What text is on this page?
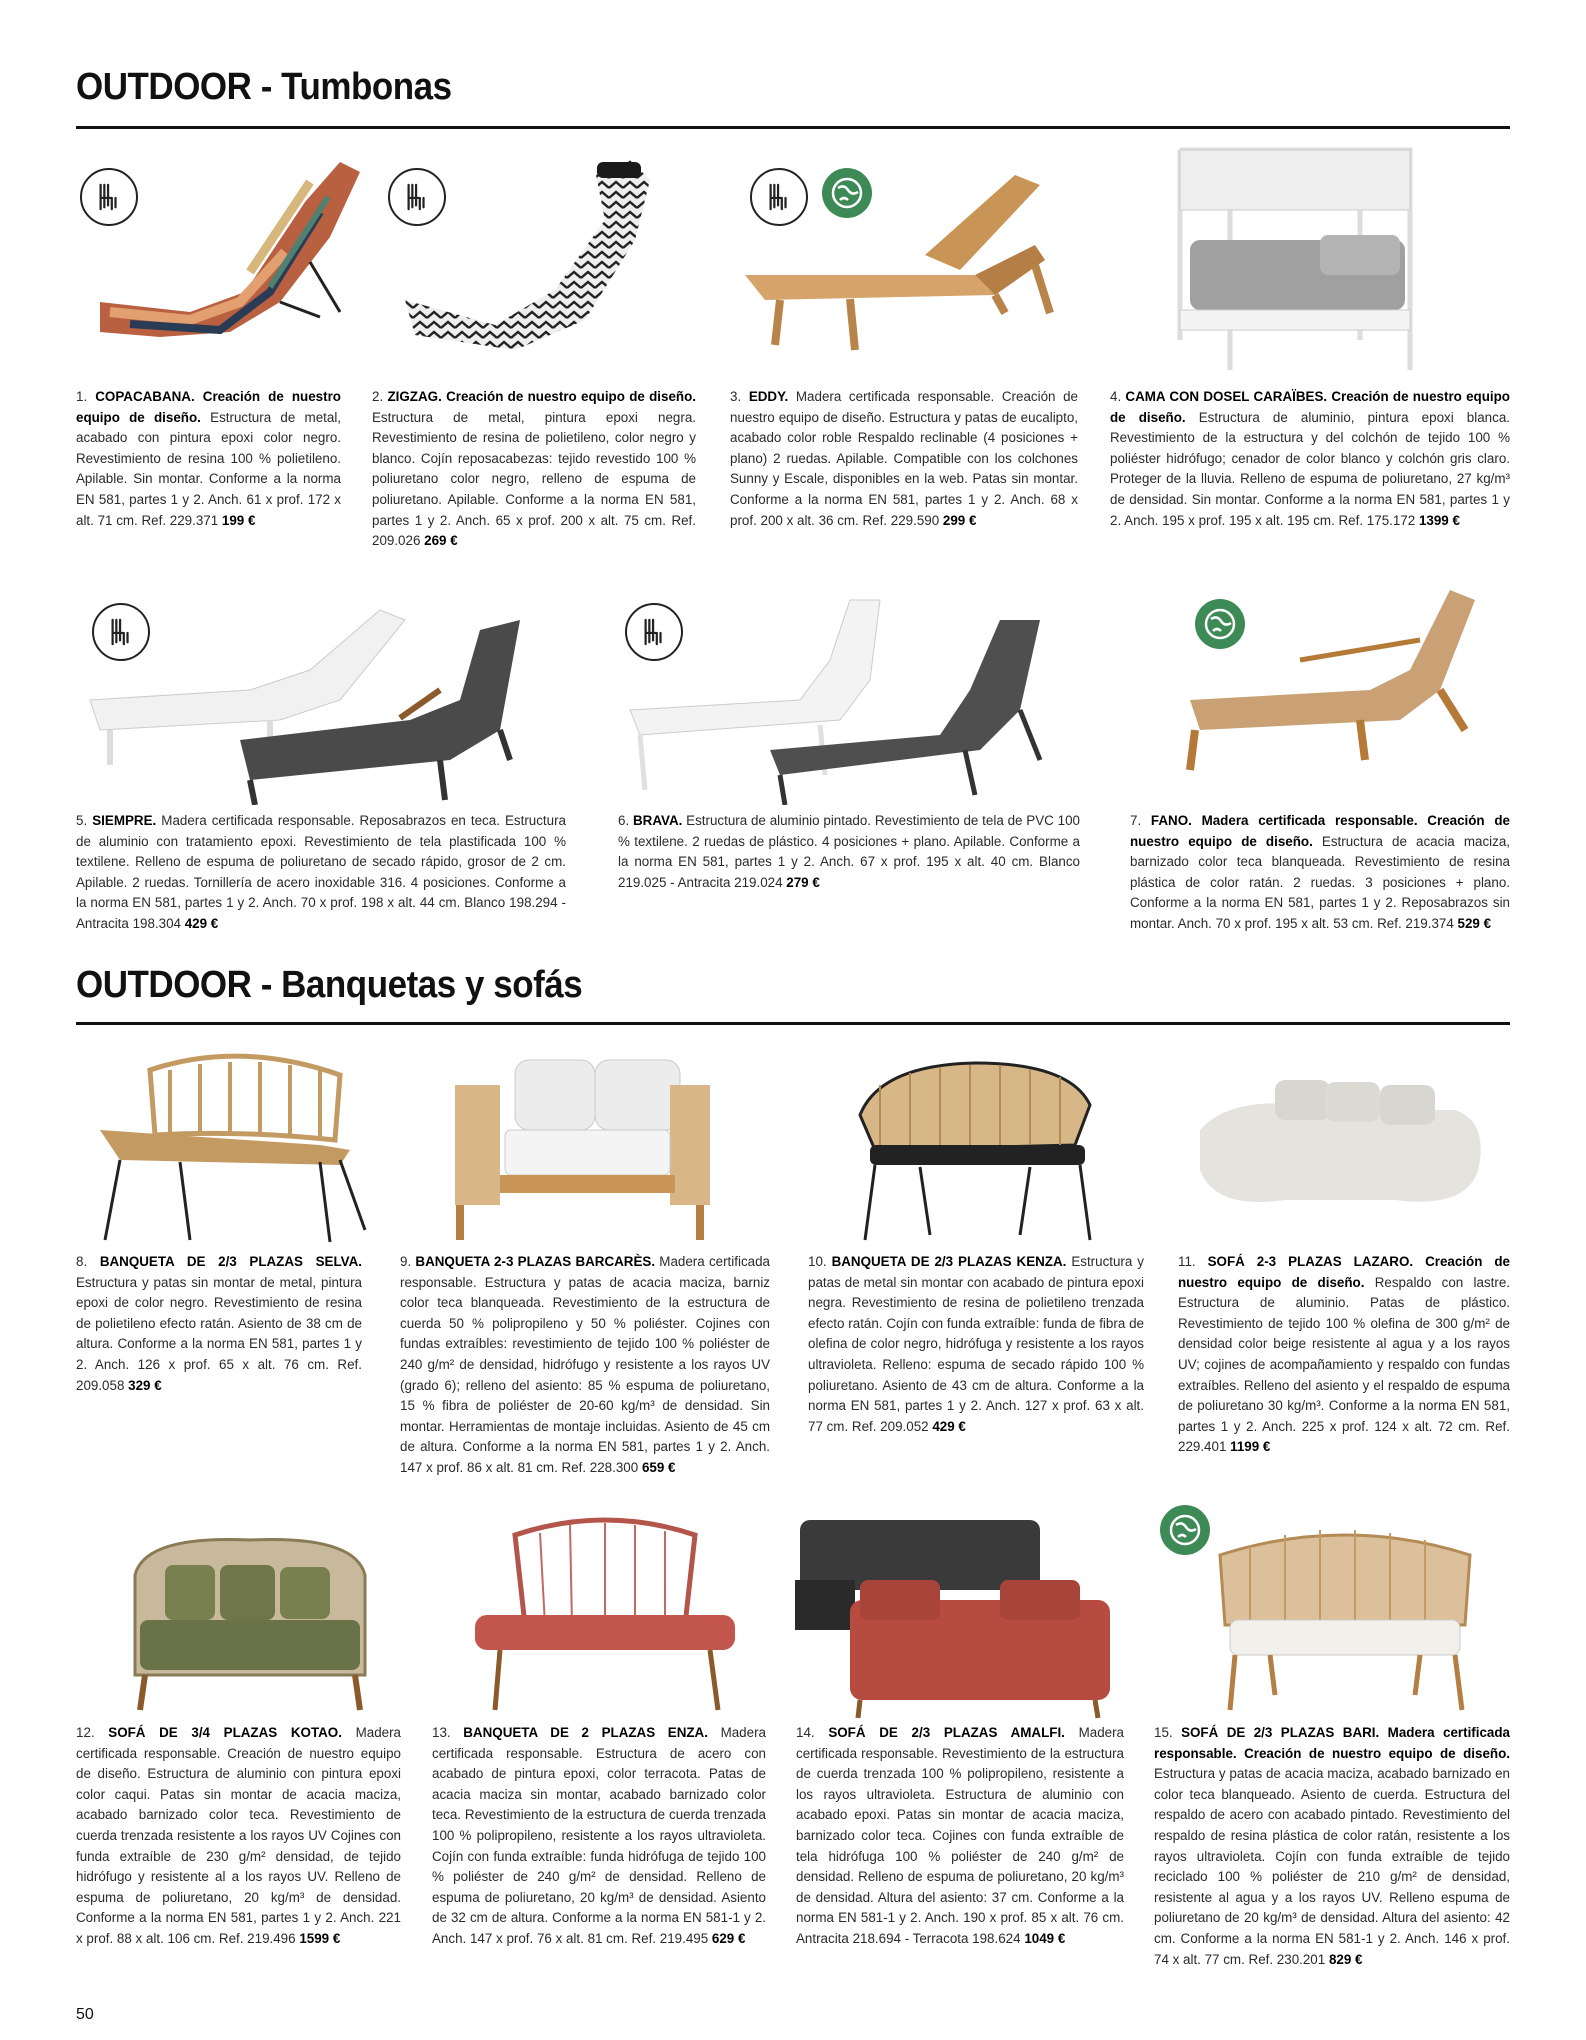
OUTDOOR - Tumbonas
1. COPACABANA. Creación de nuestro equipo de diseño. Estructura de metal, acabado con pintura epoxi color negro. Revestimiento de resina 100 % polietileno. Apilable. Sin montar. Conforme a la norma EN 581, partes 1 y 2. Anch. 61 x prof. 172 x alt. 71 cm. Ref. 229.371 199 €
2. ZIGZAG. Creación de nuestro equipo de diseño. Estructura de metal, pintura epoxi negra. Revestimiento de resina de polietileno, color negro y blanco. Cojín reposacabezas: tejido revestido 100 % poliuretano color negro, relleno de espuma de poliuretano. Apilable. Conforme a la norma EN 581, partes 1 y 2. Anch. 65 x prof. 200 x alt. 75 cm. Ref. 209.026 269 €
3. EDDY. Madera certificada responsable. Creación de nuestro equipo de diseño. Estructura y patas de eucalipto, acabado color roble Respaldo reclinable (4 posiciones + plano) 2 ruedas. Apilable. Compatible con los colchones Sunny y Escale, disponibles en la web. Patas sin montar. Conforme a la norma EN 581, partes 1 y 2. Anch. 68 x prof. 200 x alt. 36 cm. Ref. 229.590 299 €
4. CAMA CON DOSEL CARAÏBES. Creación de nuestro equipo de diseño. Estructura de aluminio, pintura epoxi blanca. Revestimiento de la estructura y del colchón de tejido 100 % poliéster hidrófugo; cenador de color blanco y colchón gris claro. Proteger de la lluvia. Relleno de espuma de poliuretano, 27 kg/m³ de densidad. Sin montar. Conforme a la norma EN 581, partes 1 y 2. Anch. 195 x prof. 195 x alt. 195 cm. Ref. 175.172 1399 €
5. SIEMPRE. Madera certificada responsable. Reposabrazos en teca. Estructura de aluminio con tratamiento epoxi. Revestimiento de tela plastificada 100 % textilene. Relleno de espuma de poliuretano de secado rápido, grosor de 2 cm. Apilable. 2 ruedas. Tornillería de acero inoxidable 316. 4 posiciones. Conforme a la norma EN 581, partes 1 y 2. Anch. 70 x prof. 198 x alt. 44 cm. Blanco 198.294 - Antracita 198.304 429 €
6. BRAVA. Estructura de aluminio pintado. Revestimiento de tela de PVC 100 % textilene. 2 ruedas de plástico. 4 posiciones + plano. Apilable. Conforme a la norma EN 581, partes 1 y 2. Anch. 67 x prof. 195 x alt. 40 cm. Blanco 219.025 - Antracita 219.024 279 €
7. FANO. Madera certificada responsable. Creación de nuestro equipo de diseño. Estructura de acacia maciza, barnizado color teca blanqueada. Revestimiento de resina plástica de color ratán. 2 ruedas. 3 posiciones + plano. Conforme a la norma EN 581, partes 1 y 2. Reposabrazos sin montar. Anch. 70 x prof. 195 x alt. 53 cm. Ref. 219.374 529 €
OUTDOOR - Banquetas y sofás
8. BANQUETA DE 2/3 PLAZAS SELVA. Estructura y patas sin montar de metal, pintura epoxi de color negro. Revestimiento de resina de polietileno efecto ratán. Asiento de 38 cm de altura. Conforme a la norma EN 581, partes 1 y 2. Anch. 126 x prof. 65 x alt. 76 cm. Ref. 209.058 329 €
9. BANQUETA 2-3 PLAZAS BARCARÈS. Madera certificada responsable. Estructura y patas de acacia maciza, barniz color teca blanqueada. Revestimiento de la estructura de cuerda 50 % polipropileno y 50 % poliéster. Cojines con fundas extraíbles: revestimiento de tejido 100 % poliéster de 240 g/m² de densidad, hidrófugo y resistente a los rayos UV (grado 6); relleno del asiento: 85 % espuma de poliuretano, 15 % fibra de poliéster de 20-60 kg/m³ de densidad. Sin montar. Herramientas de montaje incluidas. Asiento de 45 cm de altura. Conforme a la norma EN 581, partes 1 y 2. Anch. 147 x prof. 86 x alt. 81 cm. Ref. 228.300 659 €
10. BANQUETA DE 2/3 PLAZAS KENZA. Estructura y patas de metal sin montar con acabado de pintura epoxi negra. Revestimiento de resina de polietileno trenzada efecto ratán. Cojín con funda extraíble: funda de fibra de olefina de color negro, hidrófuga y resistente a los rayos ultravioleta. Relleno: espuma de secado rápido 100 % poliuretano. Asiento de 43 cm de altura. Conforme a la norma EN 581, partes 1 y 2. Anch. 127 x prof. 63 x alt. 77 cm. Ref. 209.052 429 €
11. SOFÁ 2-3 PLAZAS LAZARO. Creación de nuestro equipo de diseño. Respaldo con lastre. Estructura de aluminio. Patas de plástico. Revestimiento de tejido 100 % olefina de 300 g/m² de densidad color beige resistente al agua y a los rayos UV; cojines de acompañamiento y respaldo con fundas extraíbles. Relleno del asiento y el respaldo de espuma de poliuretano 30 kg/m³. Conforme a la norma EN 581, partes 1 y 2. Anch. 225 x prof. 124 x alt. 72 cm. Ref. 229.401 1199 €
12. SOFÁ DE 3/4 PLAZAS KOTAO. Madera certificada responsable. Creación de nuestro equipo de diseño. Estructura de aluminio con pintura epoxi color caqui. Patas sin montar de acacia maciza, acabado barnizado color teca. Revestimiento de cuerda trenzada resistente a los rayos UV Cojines con funda extraíble de 230 g/m² densidad, de tejido hidrófugo y resistente al a los rayos UV. Relleno de espuma de poliuretano, 20 kg/m³ de densidad. Conforme a la norma EN 581, partes 1 y 2. Anch. 221 x prof. 88 x alt. 106 cm. Ref. 219.496 1599 €
13. BANQUETA DE 2 PLAZAS ENZA. Madera certificada responsable. Estructura de acero con acabado de pintura epoxi, color terracota. Patas de acacia maciza sin montar, acabado barnizado color teca. Revestimiento de la estructura de cuerda trenzada 100 % polipropileno, resistente a los rayos ultravioleta. Cojín con funda extraíble: funda hidrófuga de tejido 100 % poliéster de 240 g/m² de densidad. Relleno de espuma de poliuretano, 20 kg/m³ de densidad. Asiento de 32 cm de altura. Conforme a la norma EN 581-1 y 2. Anch. 147 x prof. 76 x alt. 81 cm. Ref. 219.495 629 €
14. SOFÁ DE 2/3 PLAZAS AMALFI. Madera certificada responsable. Revestimiento de la estructura de cuerda trenzada 100 % polipropileno, resistente a los rayos ultravioleta. Estructura de aluminio con acabado epoxi. Patas sin montar de acacia maciza, barnizado color teca. Cojines con funda extraíble de tela hidrófuga 100 % poliéster de 240 g/m² de densidad. Relleno de espuma de poliuretano, 20 kg/m³ de densidad. Altura del asiento: 37 cm. Conforme a la norma EN 581-1 y 2. Anch. 190 x prof. 85 x alt. 76 cm. Antracita 218.694 - Terracota 198.624 1049 €
15. SOFÁ DE 2/3 PLAZAS BARI. Madera certificada responsable. Creación de nuestro equipo de diseño. Estructura y patas de acacia maciza, acabado barnizado en color teca blanqueado. Asiento de cuerda. Estructura del respaldo de acero con acabado pintado. Revestimiento del respaldo de resina plástica de color ratán, resistente a los rayos ultravioleta. Cojín con funda extraíble de tejido reciclado 100 % poliéster de 210 g/m² de densidad, resistente al agua y a los rayos UV. Relleno espuma de poliuretano de 20 kg/m³ de densidad. Altura del asiento: 42 cm. Conforme a la norma EN 581-1 y 2. Anch. 146 x prof. 74 x alt. 77 cm. Ref. 230.201 829 €
50
